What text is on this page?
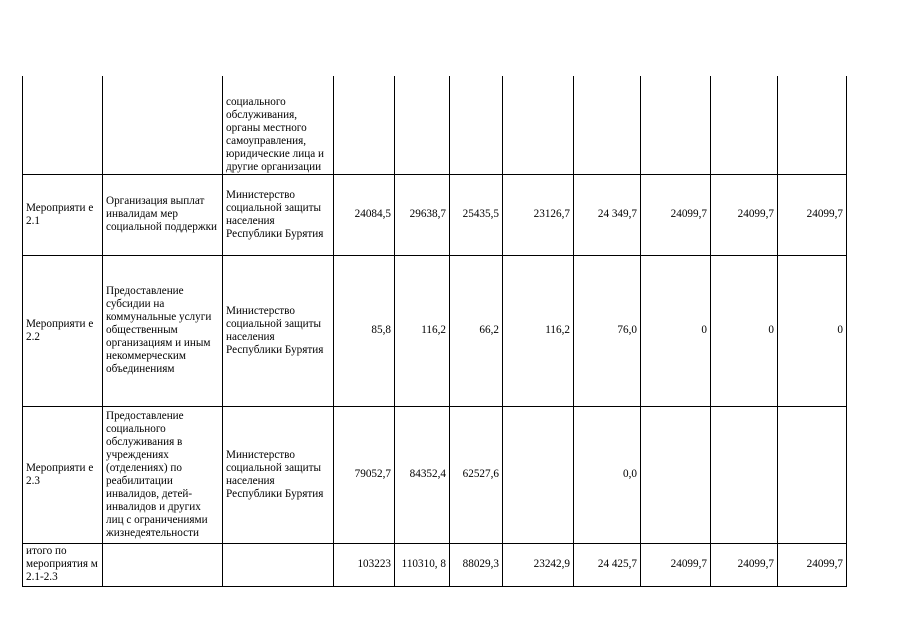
		социального обслуживания, органы местного самоуправления, юридические лица и другие организации								
Мероприяти е 2.1	Организация выплат инвалидам мер социальной поддержки	Министерство социальной защиты населения Республики Бурятия	24084,5	29638,7	25435,5	23126,7	24 349,7	24099,7	24099,7	24099,7
Мероприяти е 2.2	Предоставление субсидии на коммунальные услуги общественным организациям и иным некоммерческим объединениям	Министерство социальной защиты населения Республики Бурятия	85,8	116,2	66,2	116,2	76,0	0	0	0
Мероприяти е 2.3	Предоставление социального обслуживания в учреждениях (отделениях) по реабилитации инвалидов, детей-инвалидов и других лиц с ограничениями жизнедеятельности	Министерство социальной защиты населения Республики Бурятия	79052,7	84352,4	62527,6		0,0			
итого по мероприятия м 2.1-2.3			103223	110310, 8	88029,3	23242,9	24 425,7	24099,7	24099,7	24099,7
